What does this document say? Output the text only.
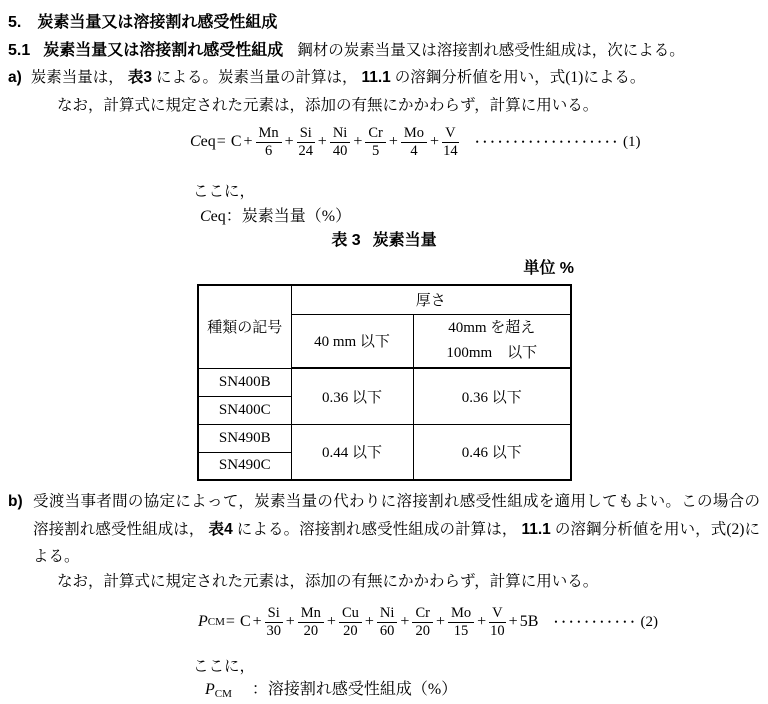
5. 炭素当量又は溶接割れ感受性組成
5.1 炭素当量又は溶接割れ感受性組成 鋼材の炭素当量又は溶接割れ感受性組成は，次による。
a) 炭素当量は， 表3 による。炭素当量の計算は， 11.1 の溶鋼分析値を用い，式(1)による。
なお，計算式に規定された元素は，添加の有無にかかわらず，計算に用いる。
C eq = $C + \frac{Mn}{6} + \frac{Si}{24} + \frac{Ni}{40} + \frac{Cr}{5} + \frac{Mo}{4} + \frac{V}{14}$ ••••••••••••••••••• (1)
ここに，
Ceq：炭素当量（%）
表 3 炭素当量
単位 %
種類の記号	厚さ	
	40 mm 以下	40mm を超え
100mm　以下

SN400B	0.36 以下	0.36 以下
SN400C		
SN490B	0.44 以下	0.46 以下
SN490C		
b) 受渡当事者間の協定によって，炭素当量の代わりに溶接割れ感受性組成を適用してもよい。この場合の溶接割れ感受性組成は， 表4 による。溶接割れ感受性組成の計算は， 11.1 の溶鋼分析値を用い，式(2)による。
なお，計算式に規定された元素は，添加の有無にかかわらず，計算に用いる。
P CM = $C + \frac{Si}{30} + \frac{Mn}{20} + \frac{Cu}{20} + \frac{Ni}{60} + \frac{Cr}{20} + \frac{Mo}{15} + \frac{V}{10} + 5B$ ••••••••••• (2)
ここに，
PCM ：溶接割れ感受性組成（%）
